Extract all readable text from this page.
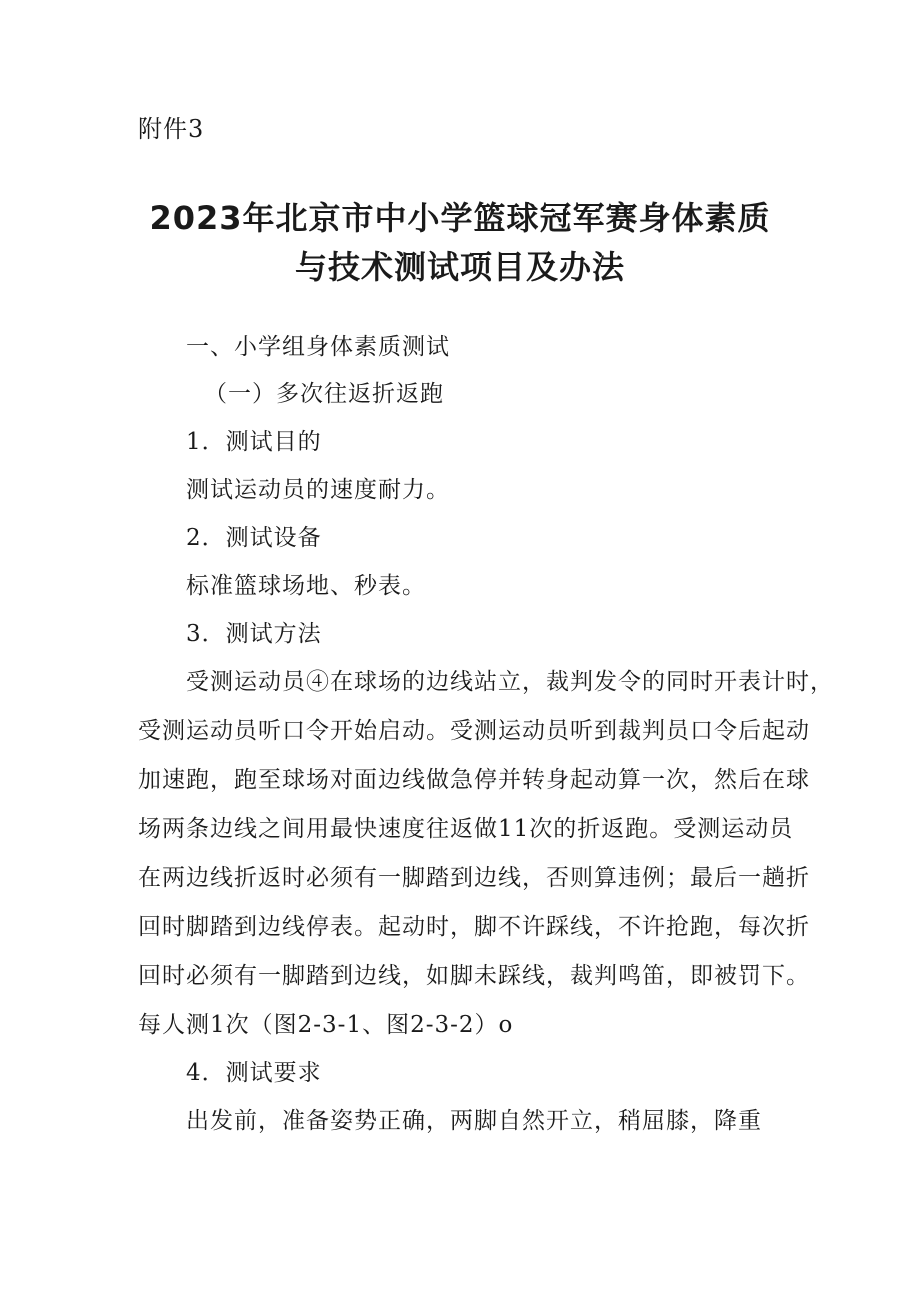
附件3
2023年北京市中小学篮球冠军赛身体素质
与技术测试项目及办法
一、小学组身体素质测试
（一）多次往返折返跑
1．测试目的
测试运动员的速度耐力。
2．测试设备
标准篮球场地、秒表。
3．测试方法
受测运动员④在球场的边线站立，裁判发令的同时开表计时，
受测运动员听口令开始启动。受测运动员听到裁判员口令后起动
加速跑，跑至球场对面边线做急停并转身起动算一次，然后在球
场两条边线之间用最快速度往返做11次的折返跑。受测运动员
在两边线折返时必须有一脚踏到边线，否则算违例；最后一趟折
回时脚踏到边线停表。起动时，脚不许踩线，不许抢跑，每次折
回时必须有一脚踏到边线，如脚未踩线，裁判鸣笛，即被罚下。
每人测1次（图2-3-1、图2-3-2）o
4．测试要求
出发前，准备姿势正确，两脚自然开立，稍屈膝，降重
